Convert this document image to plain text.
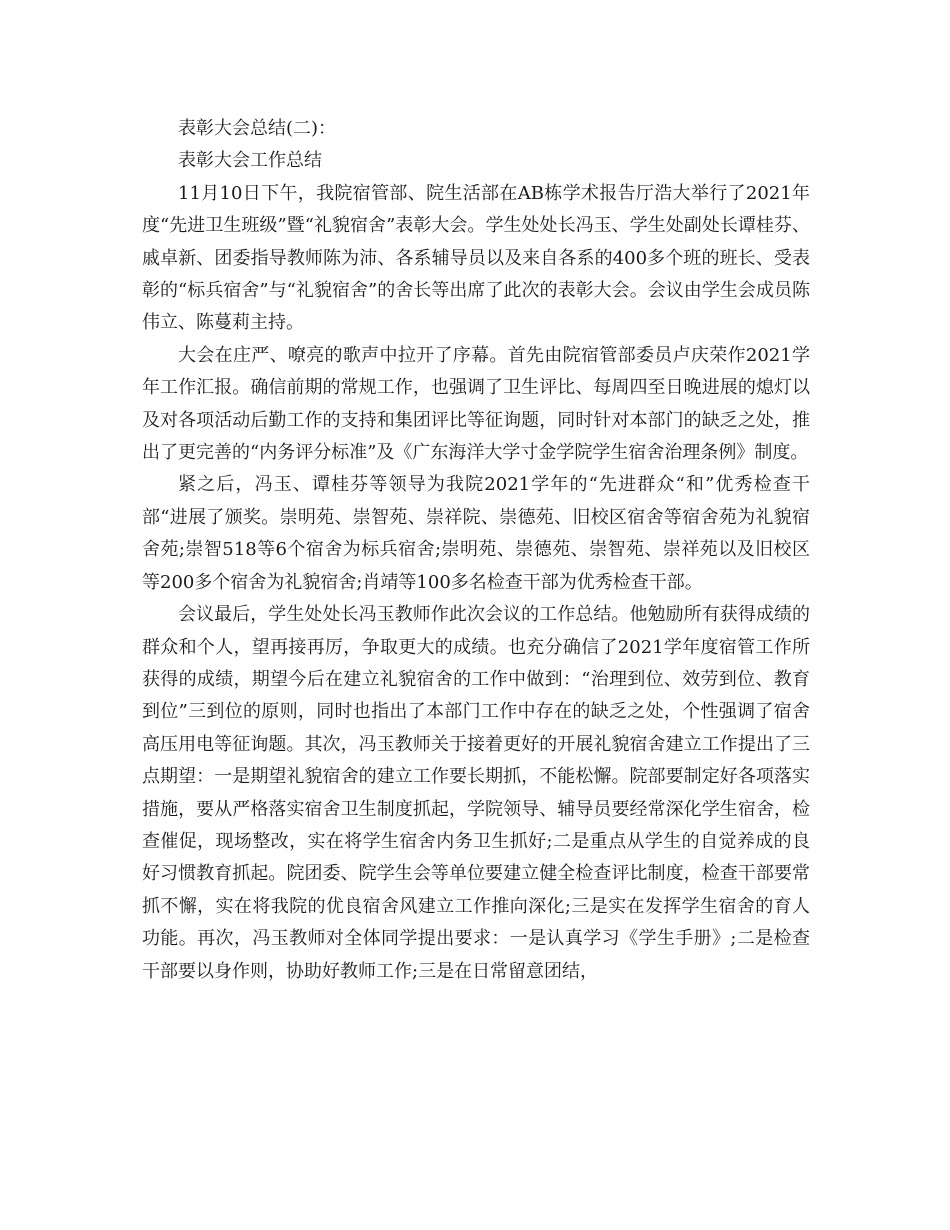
表彰大会总结(二)：

表彰大会工作总结

11月10日下午，我院宿管部、院生活部在AB栋学术报告厅浩大举行了2021年度“先进卫生班级”暨“礼貌宿舍”表彰大会。学生处处长冯玉、学生处副处长谭桂芬、戚卓新、团委指导教师陈为沛、各系辅导员以及来自各系的400多个班的班长、受表彰的“标兵宿舍”与“礼貌宿舍”的舍长等出席了此次的表彰大会。会议由学生会成员陈伟立、陈蔓莉主持。

大会在庄严、嘹亮的歌声中拉开了序幕。首先由院宿管部委员卢庆荣作2021学年工作汇报。确信前期的常规工作，也强调了卫生评比、每周四至日晚进展的熄灯以及对各项活动后勤工作的支持和集团评比等征询题，同时针对本部门的缺乏之处，推出了更完善的“内务评分标准”及《广东海洋大学寸金学院学生宿舍治理条例》制度。

紧之后，冯玉、谭桂芬等领导为我院2021学年的“先进群众“和”优秀检查干部“进展了颁奖。崇明苑、崇智苑、崇祥院、崇德苑、旧校区宿舍等宿舍苑为礼貌宿舍苑;崇智518等6个宿舍为标兵宿舍;崇明苑、崇德苑、崇智苑、崇祥苑以及旧校区等200多个宿舍为礼貌宿舍;肖靖等100多名检查干部为优秀检查干部。

会议最后，学生处处长冯玉教师作此次会议的工作总结。他勉励所有获得成绩的群众和个人，望再接再厉，争取更大的成绩。也充分确信了2021学年度宿管工作所获得的成绩，期望今后在建立礼貌宿舍的工作中做到：“治理到位、效劳到位、教育到位”三到位的原则，同时也指出了本部门工作中存在的缺乏之处，个性强调了宿舍高压用电等征询题。其次，冯玉教师关于接着更好的开展礼貌宿舍建立工作提出了三点期望：一是期望礼貌宿舍的建立工作要长期抓，不能松懈。院部要制定好各项落实措施，要从严格落实宿舍卫生制度抓起，学院领导、辅导员要经常深化学生宿舍，检查催促，现场整改，实在将学生宿舍内务卫生抓好;二是重点从学生的自觉养成的良好习惯教育抓起。院团委、院学生会等单位要建立健全检查评比制度，检查干部要常抓不懈，实在将我院的优良宿舍风建立工作推向深化;三是实在发挥学生宿舍的育人功能。再次，冯玉教师对全体同学提出要求：一是认真学习《学生手册》;二是检查干部要以身作则，协助好教师工作;三是在日常留意团结，
